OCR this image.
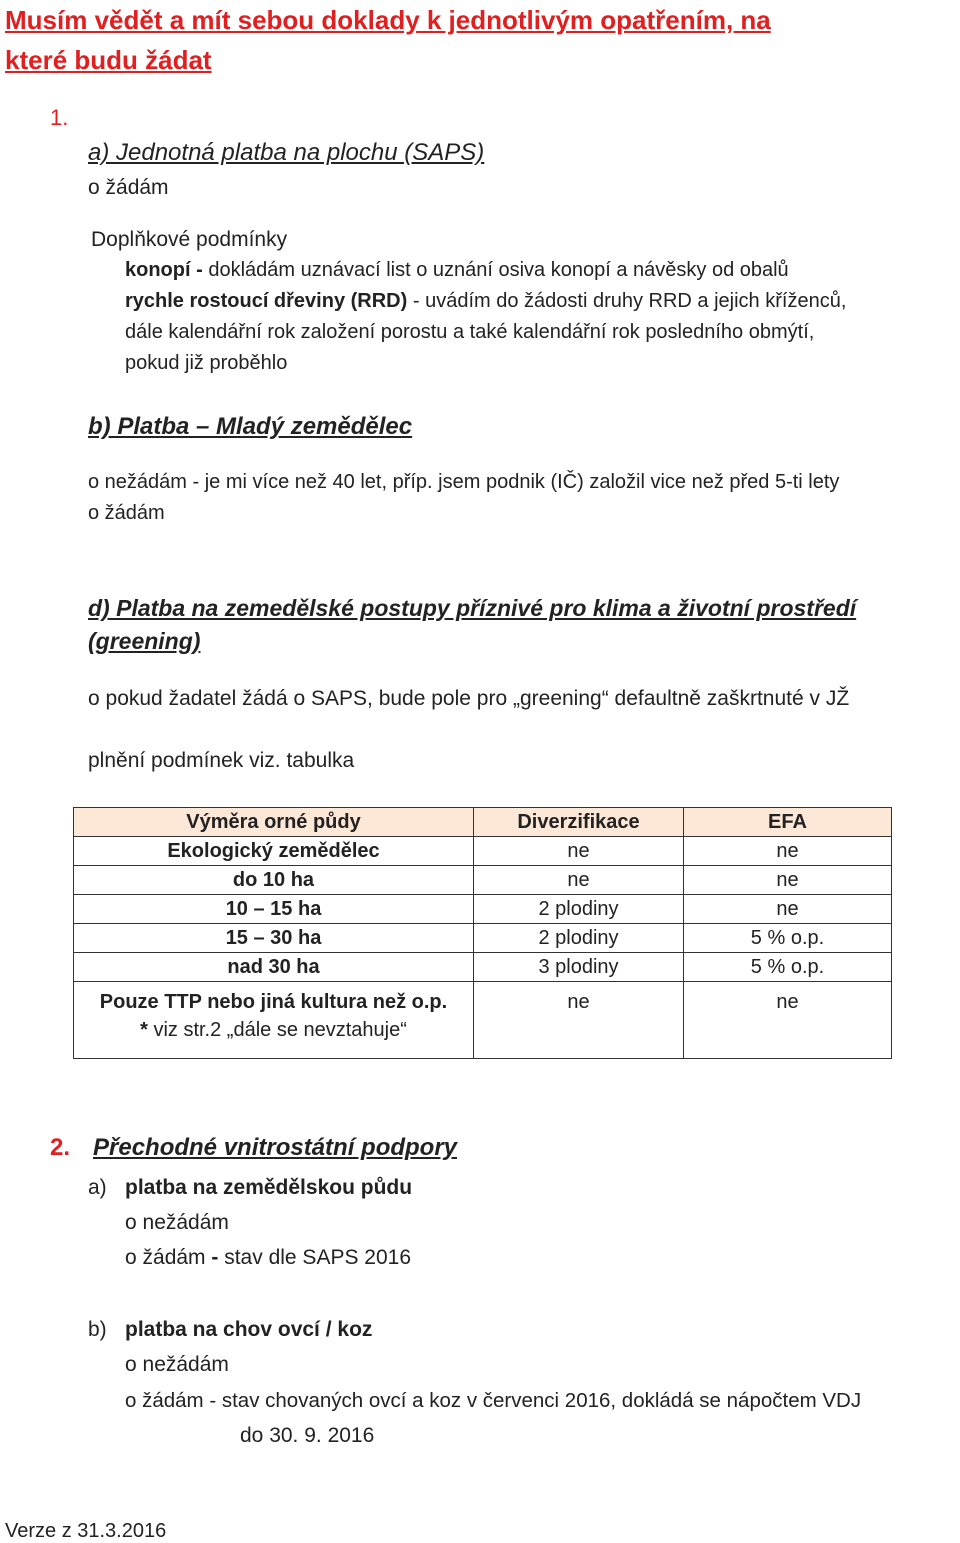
Musím vědět a mít sebou doklady k jednotlivým opatřením, na
které budu žádat
1.
a) Jednotná platba na plochu (SAPS)
o žádám
Doplňkové podmínky
konopí - dokládám uznávací list o uznání osiva konopí a návěsky od obalů
rychle rostoucí dřeviny (RRD) - uvádím do žádosti druhy RRD a jejich kříženců,
dále kalendářní rok založení porostu a také kalendářní rok posledního obmýtí,
pokud již proběhlo
b) Platba – Mladý zemědělec
o nežádám - je mi více než 40 let, příp. jsem podnik (IČ) založil vice než před 5-ti lety
o žádám
d) Platba na zemedělské postupy příznivé pro klima a životní prostředí
(greening)
o pokud žadatel žádá o SAPS, bude pole pro „greening“ defaultně zaškrtnuté v JŽ
plnění podmínek viz. tabulka
Výměra orné půdy	Diverzifikace	EFA
Ekologický zemědělec	ne	ne
do 10 ha	ne	ne
10 – 15 ha	2 plodiny	ne
15 – 30 ha	2 plodiny	5 % o.p.
nad 30 ha	3 plodiny	5 % o.p.

Pouze TTP nebo jiná kultura než o.p.
* viz str.2 „dále se nevztahuje“	ne	ne
2. Přechodné vnitrostátní podpory
a) platba na zemědělskou půdu
o nežádám
o žádám - stav dle SAPS 2016
b) platba na chov ovcí / koz
o nežádám
o žádám - stav chovaných ovcí a koz v červenci 2016, dokládá se nápočtem VDJ
do 30. 9. 2016
Verze z 31.3.2016
